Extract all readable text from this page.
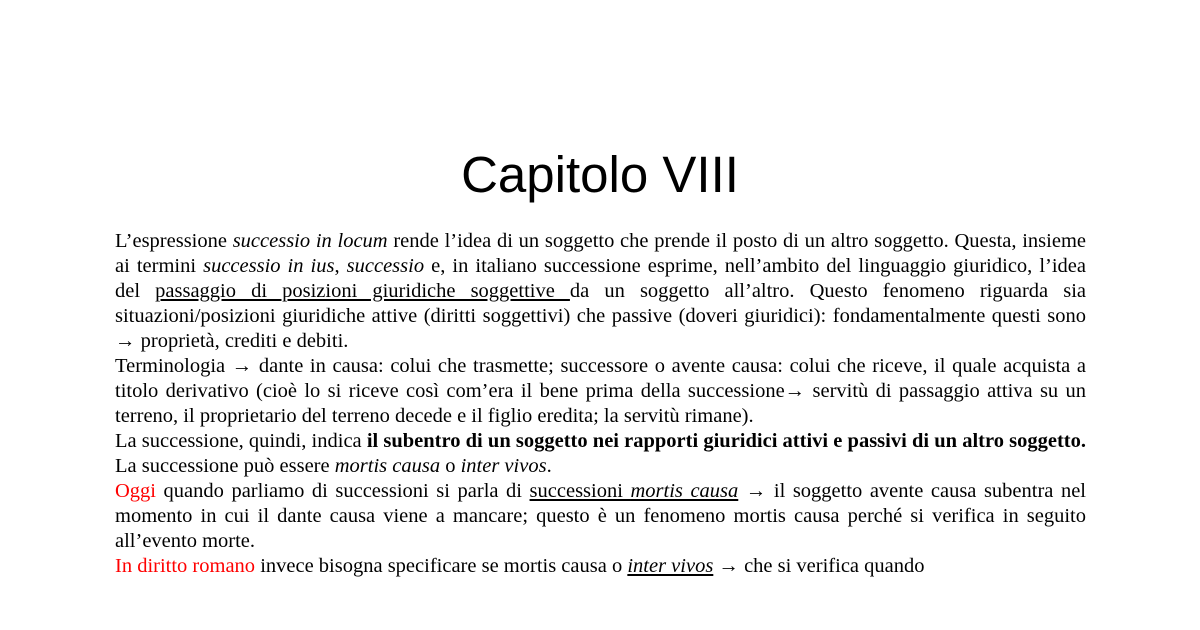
Capitolo VIII

L’espressione successio in locum rende l’idea di un soggetto che prende il posto di un altro soggetto. Questa, insieme ai termini successio in ius, successio e, in italiano successione esprime, nell’ambito del linguaggio giuridico, l’idea del passaggio di posizioni giuridiche soggettive da un soggetto all’altro. Questo fenomeno riguarda sia situazioni/posizioni giuridiche attive (diritti soggettivi) che passive (doveri giuridici): fondamentalmente questi sono → proprietà, crediti e debiti.

Terminologia → dante in causa: colui che trasmette; successore o avente causa: colui che riceve, il quale acquista a titolo derivativo (cioè lo si riceve così com’era il bene prima della successione→ servitù di passaggio attiva su un terreno, il proprietario del terreno decede e il figlio eredita; la servitù rimane).

La successione, quindi, indica il subentro di un soggetto nei rapporti giuridici attivi e passivi di un altro soggetto. La successione può essere mortis causa o inter vivos.

Oggi quando parliamo di successioni si parla di successioni mortis causa → il soggetto avente causa subentra nel momento in cui il dante causa viene a mancare; questo è un fenomeno mortis causa perché si verifica in seguito all’evento morte.

In diritto romano invece bisogna specificare se mortis causa o inter vivos → che si verifica quando
